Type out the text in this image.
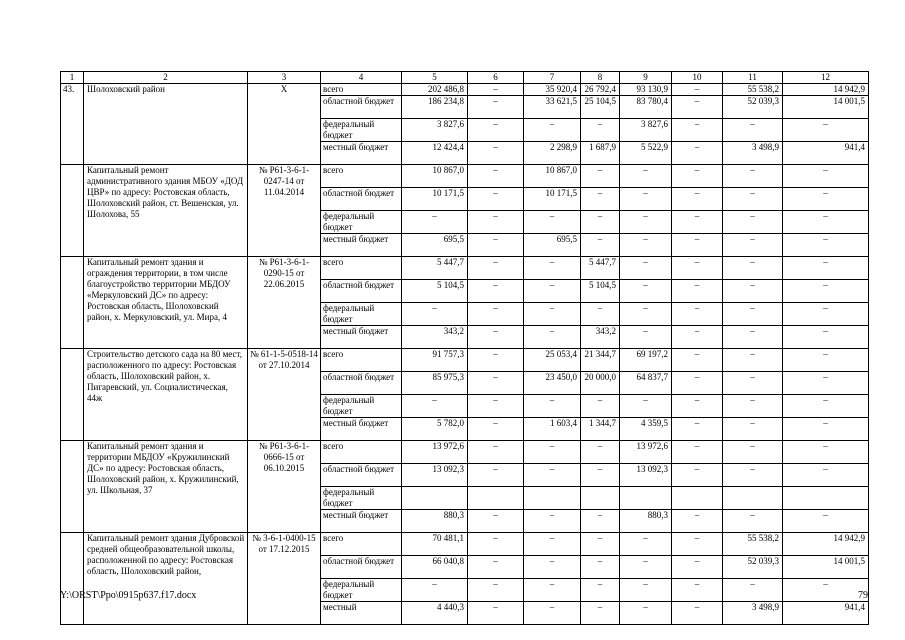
1	2	3	4	5	6	7	8	9	10	11	12
43.	Шолоховский район	Х	всего	202 486,8	–	35 920,4	26 792,4	93 130,9	–	55 538,2	14 942,9
			областной бюджет	186 234,8	–	33 621,5	25 104,5	83 780,4	–	52 039,3	14 001,5
			федеральный бюджет	3 827,6	–	–	–	3 827,6	–	–	–
			местный бюджет	12 424,4	–	2 298,9	1 687,9	5 522,9	–	3 498,9	941,4
	Капитальный ремонт административного здания МБОУ «ДОД ЦВР» по адресу: Ростовская область, Шолоховский район, ст. Вешенская, ул. Шолохова, 55	№ Р61-3-6-1-0247-14 от 11.04.2014	всего	10 867,0	–	10 867,0	–	–	–	–	–
			областной бюджет	10 171,5	–	10 171,5	–	–	–	–	–
			федеральный бюджет	–	–	–	–	–	–	–	–
			местный бюджет	695,5	–	695,5	–	–	–	–	–
	Капитальный ремонт здания и ограждения территории, в том числе благоустройство территории МБДОУ «Меркуловский ДС» по адресу: Ростовская область, Шолоховский район, х. Меркуловский, ул. Мира, 4	№ Р61-3-6-1-0290-15 от 22.06.2015	всего	5 447,7	–	–	5 447,7	–	–	–	–
			областной бюджет	5 104,5	–	–	5 104,5	–	–	–	–
			федеральный бюджет	–	–	–	–	–	–	–	–
			местный бюджет	343,2	–	–	343,2	–	–	–	–
	Строительство детского сада на 80 мест, расположенного по адресу: Ростовская область, Шолоховский район, х. Пигаревский, ул. Социалистическая, 44ж	№ 61-1-5-0518-14 от 27.10.2014	всего	91 757,3	–	25 053,4	21 344,7	69 197,2	–	–	–
			областной бюджет	85 975,3	–	23 450,0	20 000,0	64 837,7	–	–	–
			федеральный бюджет	–	–	–	–	–	–	–	–
			местный бюджет	5 782,0	–	1 603,4	1 344,7	4 359,5	–	–	–
	Капитальный ремонт здания и территории МБДОУ «Кружилинский ДС» по адресу: Ростовская область, Шолоховский район, х. Кружилинский, ул. Школьная, 37	№ Р61-3-6-1-0666-15 от 06.10.2015	всего	13 972,6	–	–	–	13 972,6	–	–	–
			областной бюджет	13 092,3	–	–	–	13 092,3	–	–	–
			федеральный бюджет								
			местный бюджет	880,3	–	–	–	880,3	–	–	–
	Капитальный ремонт здания Дубровской средней общеобразовательной школы, расположенной по адресу: Ростовская область, Шолоховский район,	№ 3-6-1-0400-15 от 17.12.2015	всего	70 481,1	–	–	–	–	–	55 538,2	14 942,9
			областной бюджет	66 040,8	–	–	–	–	–	52 039,3	14 001,5
			федеральный бюджет	–	–	–	–	–	–	–	–
			местный	4 440,3	–	–	–	–	–	3 498,9	941,4
Y:\ORST\Ppo\0915p637.f17.docx	79
